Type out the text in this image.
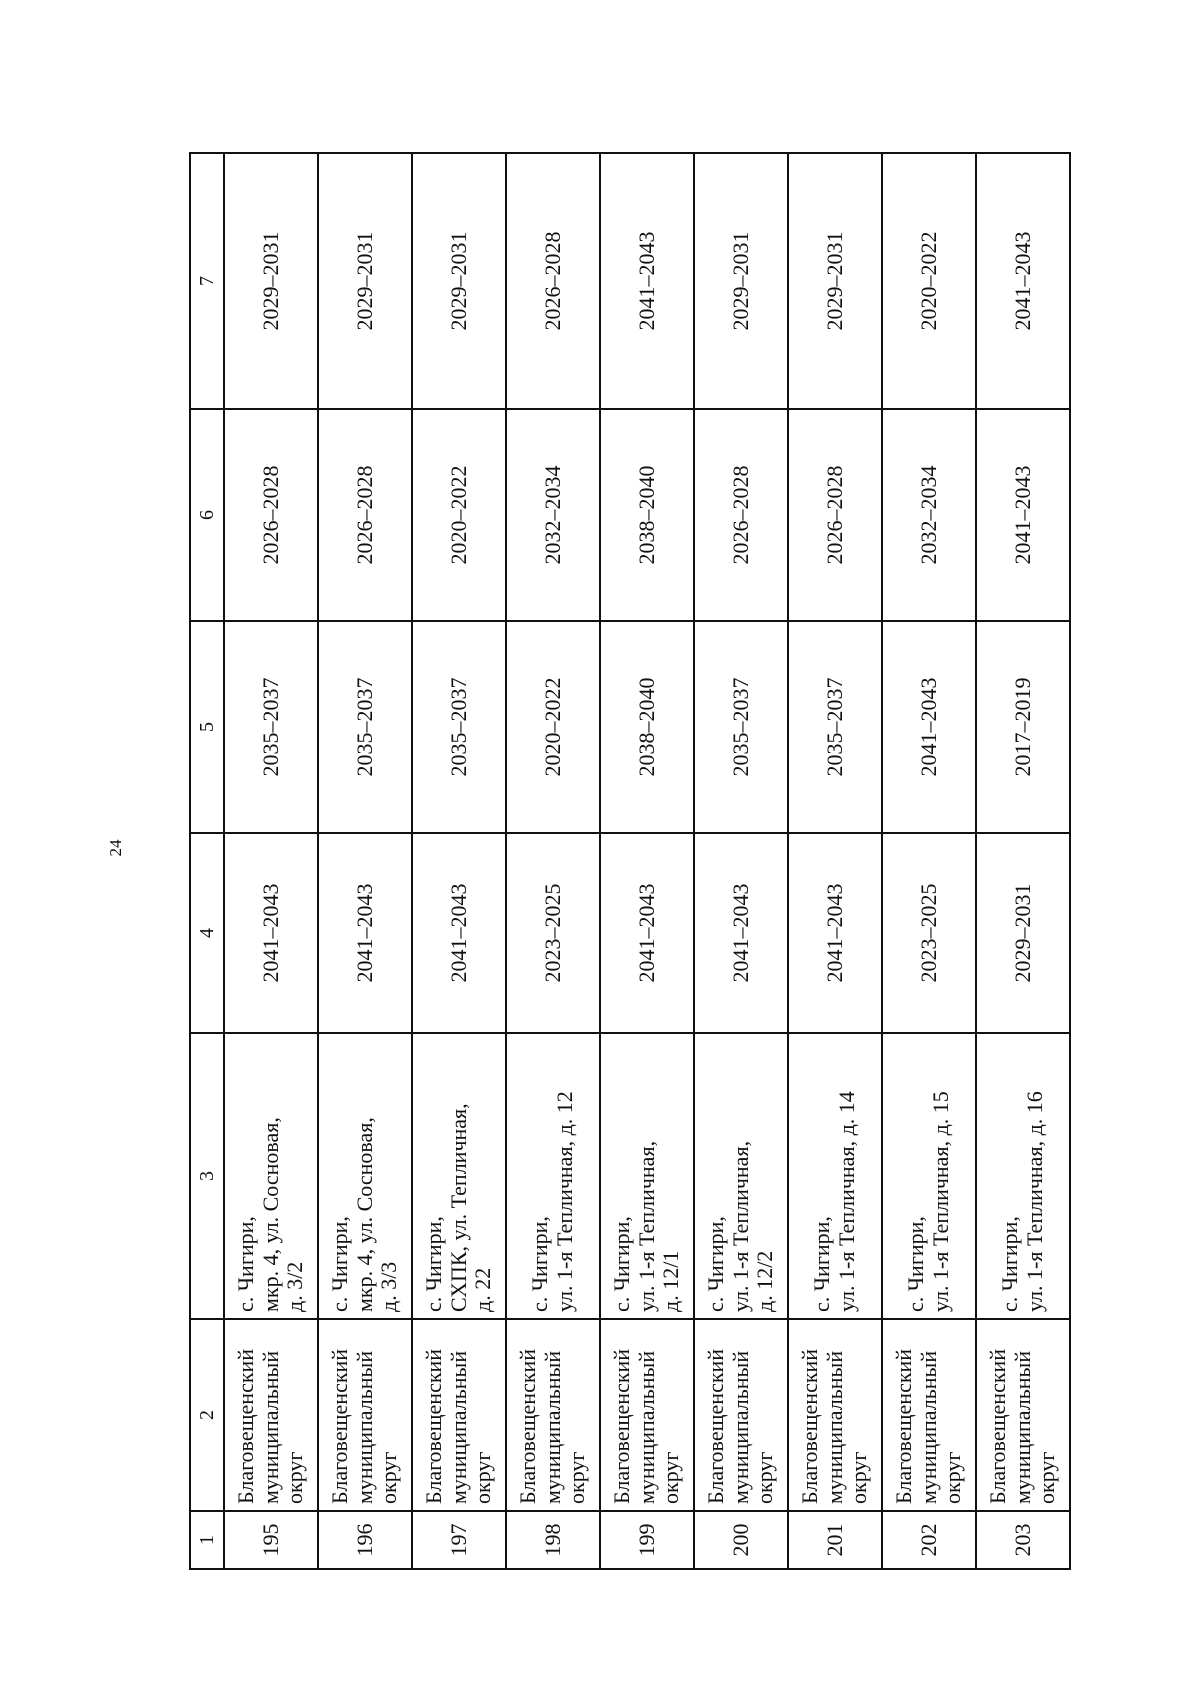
24
1	2	3	4	5	6	7
195	Благовещенский
муниципальный
округ	с. Чигири,
мкр. 4, ул. Сосновая,
д. 3/2	2041–2043	2035–2037	2026–2028	2029–2031
196	Благовещенский
муниципальный
округ	с. Чигири,
мкр. 4, ул. Сосновая,
д. 3/3	2041–2043	2035–2037	2026–2028	2029–2031
197	Благовещенский
муниципальный
округ	с. Чигири,
СХПК, ул. Тепличная,
д. 22	2041–2043	2035–2037	2020–2022	2029–2031
198	Благовещенский
муниципальный
округ	с. Чигири,
ул. 1-я Тепличная, д. 12	2023–2025	2020–2022	2032–2034	2026–2028
199	Благовещенский
муниципальный
округ	с. Чигири,
ул. 1-я Тепличная,
д. 12/1	2041–2043	2038–2040	2038–2040	2041–2043
200	Благовещенский
муниципальный
округ	с. Чигири,
ул. 1-я Тепличная,
д. 12/2	2041–2043	2035–2037	2026–2028	2029–2031
201	Благовещенский
муниципальный
округ	с. Чигири,
ул. 1-я Тепличная, д. 14	2041–2043	2035–2037	2026–2028	2029–2031
202	Благовещенский
муниципальный
округ	с. Чигири,
ул. 1-я Тепличная, д. 15	2023–2025	2041–2043	2032–2034	2020–2022
203	Благовещенский
муниципальный
округ	с. Чигири,
ул. 1-я Тепличная, д. 16	2029–2031	2017–2019	2041–2043	2041–2043
